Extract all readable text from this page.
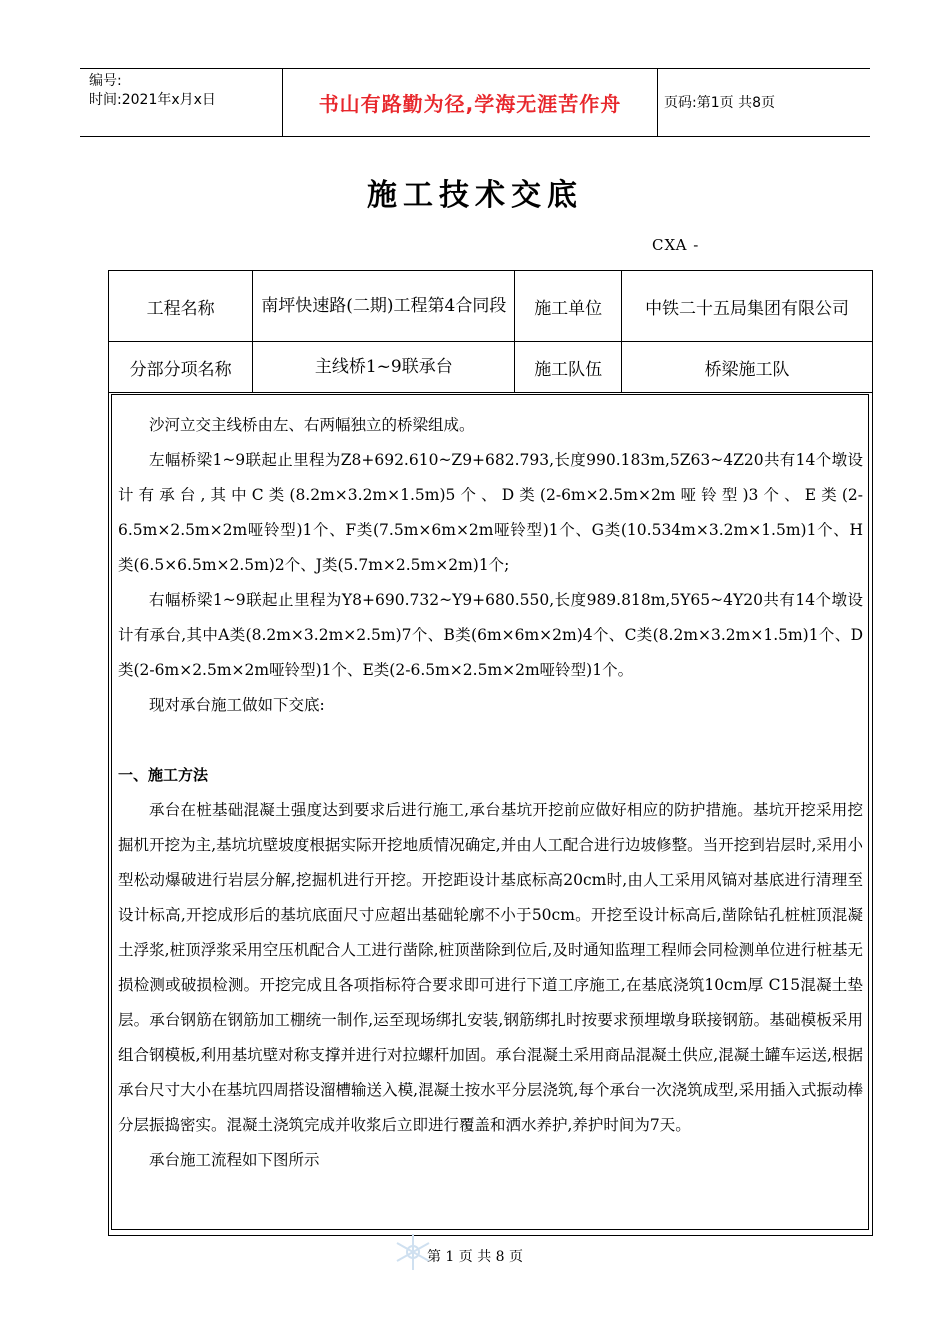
编号:
时间:2021年x月x日	书山有路勤为径,学海无涯苦作舟	页码:第1页 共8页
施工技术交底
CXA -
工程名称	南坪快速路(二期)工程第4合同段	施工单位	中铁二十五局集团有限公司
分部分项名称	主线桥1~9联承台	施工队伍	桥梁施工队

沙河立交主线桥由左、右两幅独立的桥梁组成。

左幅桥梁1~9联起止里程为Z8+692.610~Z9+682.793,长度990.183m,5Z63~4Z20共有14个墩设计有承台,其中C类(8.2m×3.2m×1.5m)5个、D类(2-6m×2.5m×2m哑铃型)3个、E类(2-6.5m×2.5m×2m哑铃型)1个、F类(7.5m×6m×2m哑铃型)1个、G类(10.534m×3.2m×1.5m)1个、H类(6.5×6.5m×2.5m)2个、J类(5.7m×2.5m×2m)1个;

右幅桥梁1~9联起止里程为Y8+690.732~Y9+680.550,长度989.818m,5Y65~4Y20共有14个墩设计有承台,其中A类(8.2m×3.2m×2.5m)7个、B类(6m×6m×2m)4个、C类(8.2m×3.2m×1.5m)1个、D类(2-6m×2.5m×2m哑铃型)1个、E类(2-6.5m×2.5m×2m哑铃型)1个。

现对承台施工做如下交底:

一、施工方法

承台在桩基础混凝土强度达到要求后进行施工,承台基坑开挖前应做好相应的防护措施。基坑开挖采用挖掘机开挖为主,基坑坑壁坡度根据实际开挖地质情况确定,并由人工配合进行边坡修整。当开挖到岩层时,采用小型松动爆破进行岩层分解,挖掘机进行开挖。开挖距设计基底标高20cm时,由人工采用风镐对基底进行清理至设计标高,开挖成形后的基坑底面尺寸应超出基础轮廓不小于50cm。开挖至设计标高后,凿除钻孔桩桩顶混凝土浮浆,桩顶浮浆采用空压机配合人工进行凿除,桩顶凿除到位后,及时通知监理工程师会同检测单位进行桩基无损检测或破损检测。开挖完成且各项指标符合要求即可进行下道工序施工,在基底浇筑10cm厚 C15混凝土垫层。承台钢筋在钢筋加工棚统一制作,运至现场绑扎安装,钢筋绑扎时按要求预埋墩身联接钢筋。基础模板采用组合钢模板,利用基坑壁对称支撑并进行对拉螺杆加固。承台混凝土采用商品混凝土供应,混凝土罐车运送,根据承台尺寸大小在基坑四周搭设溜槽输送入模,混凝土按水平分层浇筑,每个承台一次浇筑成型,采用插入式振动棒分层振捣密实。混凝土浇筑完成并收浆后立即进行覆盖和洒水养护,养护时间为7天。

承台施工流程如下图所示

第 1 页 共 8 页
